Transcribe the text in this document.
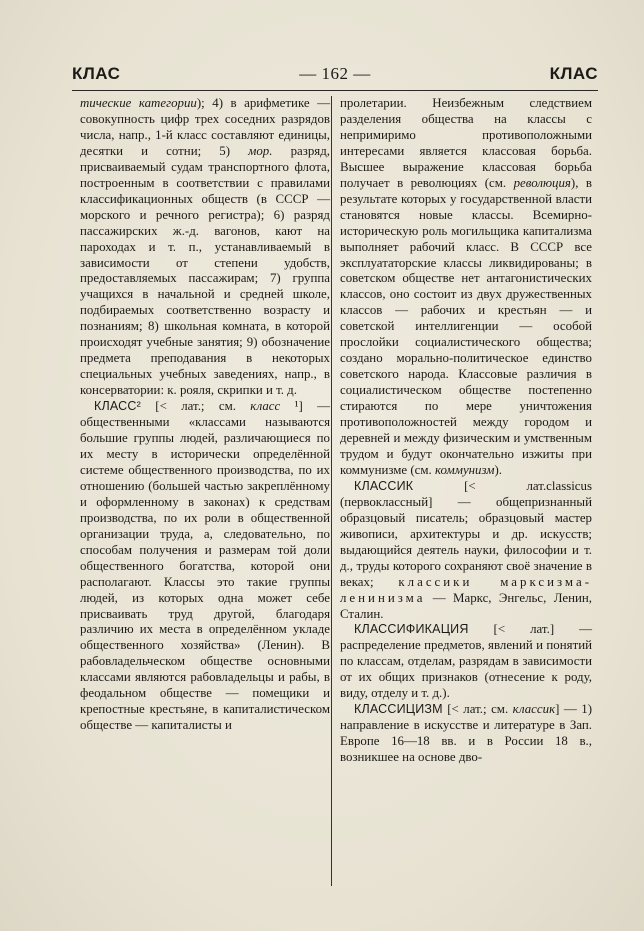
КЛАС	— 162 —	КЛАС

тические категории); 4) в арифметике — совокупность цифр трех соседних разрядов числа, напр., 1-й класс составляют единицы, десятки и сотни; 5) мор. разряд, присваиваемый судам транспортного флота, построенным в соответствии с правилами классификационных обществ (в СССР — морского и речного регистра); 6) разряд пассажирских ж.-д. вагонов, кают на пароходах и т. п., устанавливаемый в зависимости от степени удобств, предоставляемых пассажирам; 7) группа учащихся в начальной и средней школе, подбираемых соответственно возрасту и познаниям; 8) школьная комната, в которой происходят учебные занятия; 9) обозначение предмета преподавания в некоторых специальных учебных заведениях, напр., в консерватории: к. рояля, скрипки и т. д.

КЛАСС² [< лат.; см. класс ¹] — общественными «классами называются большие группы людей, различающиеся по их месту в исторически определённой системе общественного производства, по их отношению (большей частью закреплённому и оформленному в законах) к средствам производства, по их роли в общественной организации труда, а, следовательно, по способам получения и размерам той доли общественного богатства, которой они располагают. Классы это такие группы людей, из которых одна может себе присваивать труд другой, благодаря различию их места в определённом укладе общественного хозяйства» (Ленин). В рабовладельческом обществе основными классами являются рабовладельцы и рабы, в феодальном обществе — помещики и крепостные крестьяне, в капиталистическом обществе — капиталисты и

пролетарии. Неизбежным следствием разделения общества на классы с непримиримо противоположными интересами является классовая борьба. Высшее выражение классовая борьба получает в революциях (см. революция), в результате которых у государственной власти становятся новые классы. Всемирно-историческую роль могильщика капитализма выполняет рабочий класс. В СССР все эксплуататорские классы ликвидированы; в советском обществе нет антагонистических классов, оно состоит из двух дружественных классов — рабочих и крестьян — и советской интеллигенции — особой прослойки социалистического общества; создано морально-политическое единство советского народа. Классовые различия в социалистическом обществе постепенно стираются по мере уничтожения противоположностей между городом и деревней и между физическим и умственным трудом и будут окончательно изжиты при коммунизме (см. коммунизм).

КЛАССИК [< лат.classicus (первоклассный] — общепризнанный образцовый писатель; образцовый мастер живописи, архитектуры и др. искусств; выдающийся деятель науки, философии и т. д., труды которого сохраняют своё значение в веках; классики марксизма-ленинизма — Маркс, Энгельс, Ленин, Сталин.

КЛАССИФИКАЦИЯ [< лат.] — распределение предметов, явлений и понятий по классам, отделам, разрядам в зависимости от их общих признаков (отнесение к роду, виду, отделу и т. д.).

КЛАССИЦИЗМ [< лат.; см. классик] — 1) направление в искусстве и литературе в Зап. Европе 16—18 вв. и в России 18 в., возникшее на основе дво-
